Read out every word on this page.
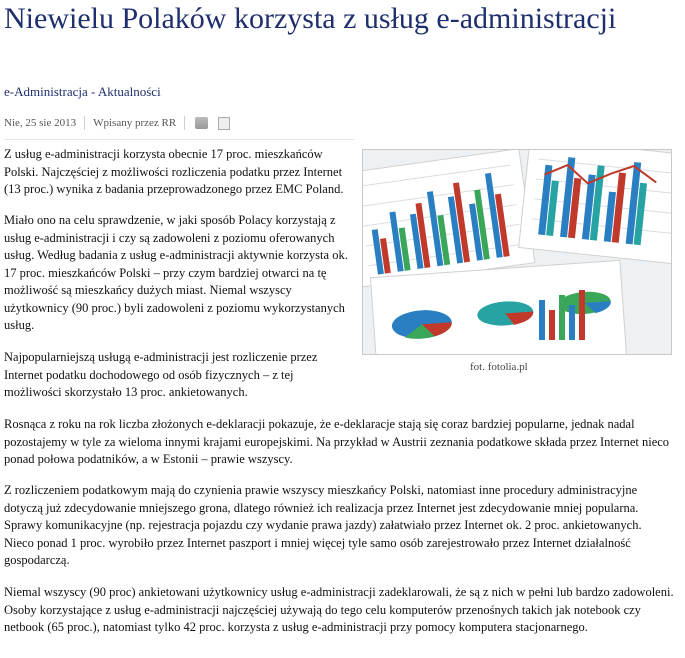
Niewielu Polaków korzysta z usług e-administracji
e-Administracja - Aktualności
Nie, 25 sie 2013 Wpisany przez RR

Z usług e-administracji korzysta obecnie 17 proc. mieszkańców Polski. Najczęściej z możliwości rozliczenia podatku przez Internet (13 proc.) wynika z badania przeprowadzonego przez EMC Poland.

Miało ono na celu sprawdzenie, w jaki sposób Polacy korzystają z usług e-administracji i czy są zadowoleni z poziomu oferowanych usług. Według badania z usług e-administracji aktywnie korzysta ok. 17 proc. mieszkańców Polski – przy czym bardziej otwarci na tę możliwość są mieszkańcy dużych miast. Niemal wszyscy użytkownicy (90 proc.) byli zadowoleni z poziomu wykorzystanych usług.

fot. fotolia.pl

Najpopularniejszą usługą e-administracji jest rozliczenie przez Internet podatku dochodowego od osób fizycznych – z tej możliwości skorzystało 13 proc. ankietowanych.

Rosnąca z roku na rok liczba złożonych e-deklaracji pokazuje, że e-deklaracje stają się coraz bardziej popularne, jednak nadal pozostajemy w tyle za wieloma innymi krajami europejskimi. Na przykład w Austrii zeznania podatkowe składa przez Internet nieco ponad połowa podatników, a w Estonii – prawie wszyscy.

Z rozliczeniem podatkowym mają do czynienia prawie wszyscy mieszkańcy Polski, natomiast inne procedury administracyjne dotyczą już zdecydowanie mniejszego grona, dlatego również ich realizacja przez Internet jest zdecydowanie mniej popularna. Sprawy komunikacyjne (np. rejestracja pojazdu czy wydanie prawa jazdy) załatwiało przez Internet ok. 2 proc. ankietowanych. Nieco ponad 1 proc. wyrobiło przez Internet paszport i mniej więcej tyle samo osób zarejestrowało przez Internet działalność gospodarczą.

Niemal wszyscy (90 proc) ankietowani użytkownicy usług e-administracji zadeklarowali, że są z nich w pełni lub bardzo zadowoleni. Osoby korzystające z usług e-administracji najczęściej używają do tego celu komputerów przenośnych takich jak notebook czy netbook (65 proc.), natomiast tylko 42 proc. korzysta z usług e-administracji przy pomocy komputera stacjonarnego.
